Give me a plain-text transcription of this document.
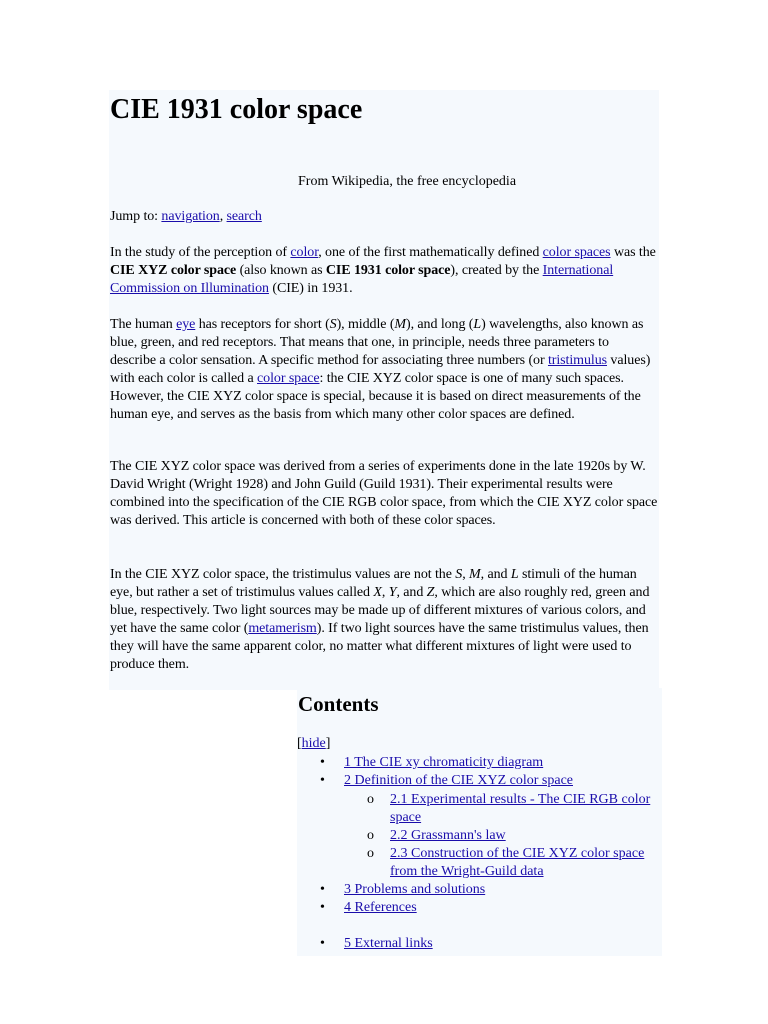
CIE 1931 color space

From Wikipedia, the free encyclopedia

Jump to: navigation, search

In the study of the perception of color, one of the first mathematically defined color spaces was the CIE XYZ color space (also known as CIE 1931 color space), created by the International Commission on Illumination (CIE) in 1931.

The human eye has receptors for short (S), middle (M), and long (L) wavelengths, also known as blue, green, and red receptors. That means that one, in principle, needs three parameters to describe a color sensation. A specific method for associating three numbers (or tristimulus values) with each color is called a color space: the CIE XYZ color space is one of many such spaces. However, the CIE XYZ color space is special, because it is based on direct measurements of the human eye, and serves as the basis from which many other color spaces are defined.

The CIE XYZ color space was derived from a series of experiments done in the late 1920s by W. David Wright (Wright 1928) and John Guild (Guild 1931). Their experimental results were combined into the specification of the CIE RGB color space, from which the CIE XYZ color space was derived. This article is concerned with both of these color spaces.

In the CIE XYZ color space, the tristimulus values are not the S, M, and L stimuli of the human eye, but rather a set of tristimulus values called X, Y, and Z, which are also roughly red, green and blue, respectively. Two light sources may be made up of different mixtures of various colors, and yet have the same color (metamerism). If two light sources have the same tristimulus values, then they will have the same apparent color, no matter what different mixtures of light were used to produce them.

Contents

[hide]

• 1 The CIE xy chromaticity diagram
• 2 Definition of the CIE XYZ color space
o 2.1 Experimental results - The CIE RGB color space
o 2.2 Grassmann's law
o 2.3 Construction of the CIE XYZ color space from the Wright-Guild data
• 3 Problems and solutions
• 4 References
• 5 External links
